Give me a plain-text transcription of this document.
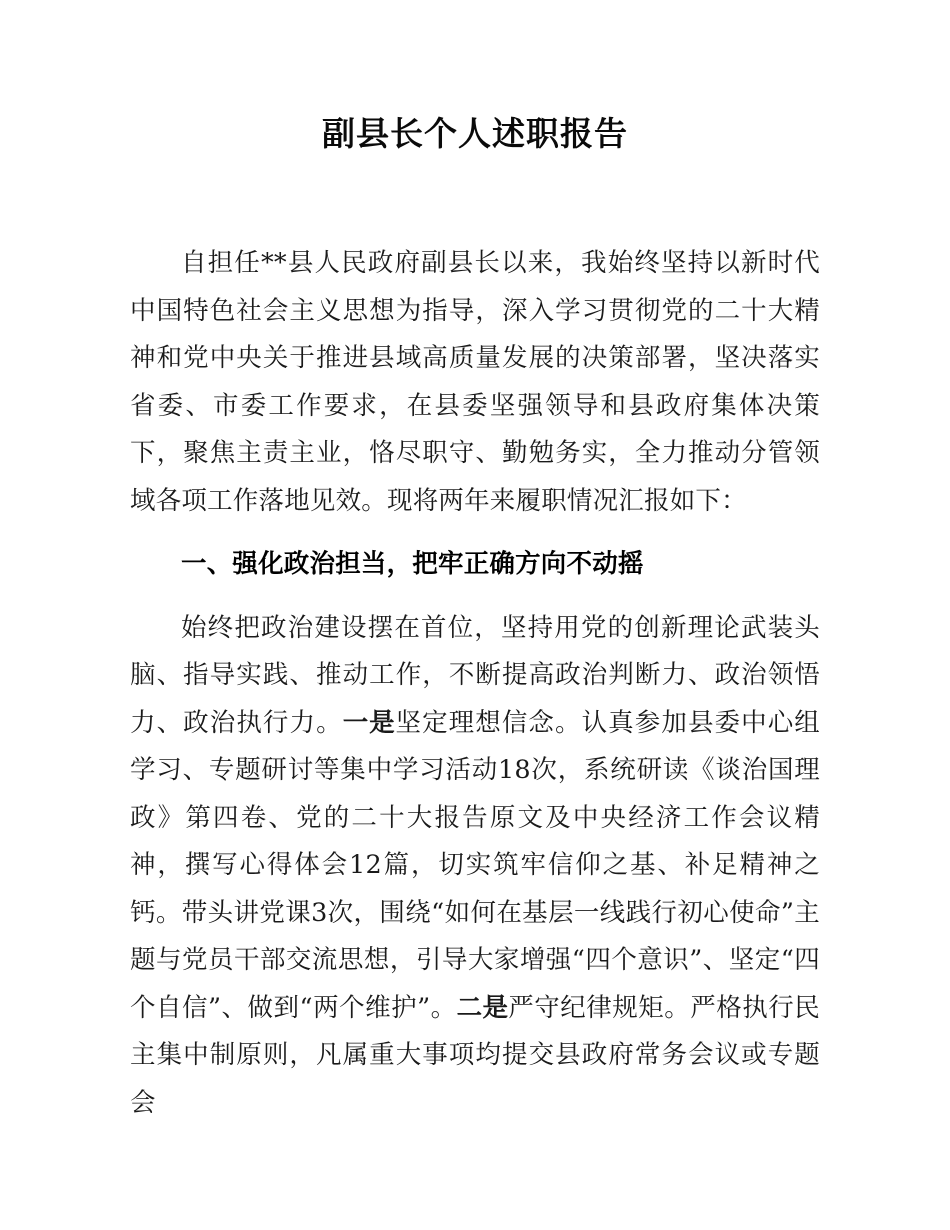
副县长个人述职报告

自担任**县人民政府副县长以来，我始终坚持以新时代中国特色社会主义思想为指导，深入学习贯彻党的二十大精神和党中央关于推进县域高质量发展的决策部署，坚决落实省委、市委工作要求，在县委坚强领导和县政府集体决策下，聚焦主责主业，恪尽职守、勤勉务实，全力推动分管领域各项工作落地见效。现将两年来履职情况汇报如下：

一、强化政治担当，把牢正确方向不动摇

始终把政治建设摆在首位，坚持用党的创新理论武装头脑、指导实践、推动工作，不断提高政治判断力、政治领悟力、政治执行力。一是坚定理想信念。认真参加县委中心组学习、专题研讨等集中学习活动18次，系统研读《谈治国理政》第四卷、党的二十大报告原文及中央经济工作会议精神，撰写心得体会12篇，切实筑牢信仰之基、补足精神之钙。带头讲党课3次，围绕“如何在基层一线践行初心使命”主题与党员干部交流思想，引导大家增强“四个意识”、坚定“四个自信”、做到“两个维护”。二是严守纪律规矩。严格执行民主集中制原则，凡属重大事项均提交县政府常务会议或专题会
